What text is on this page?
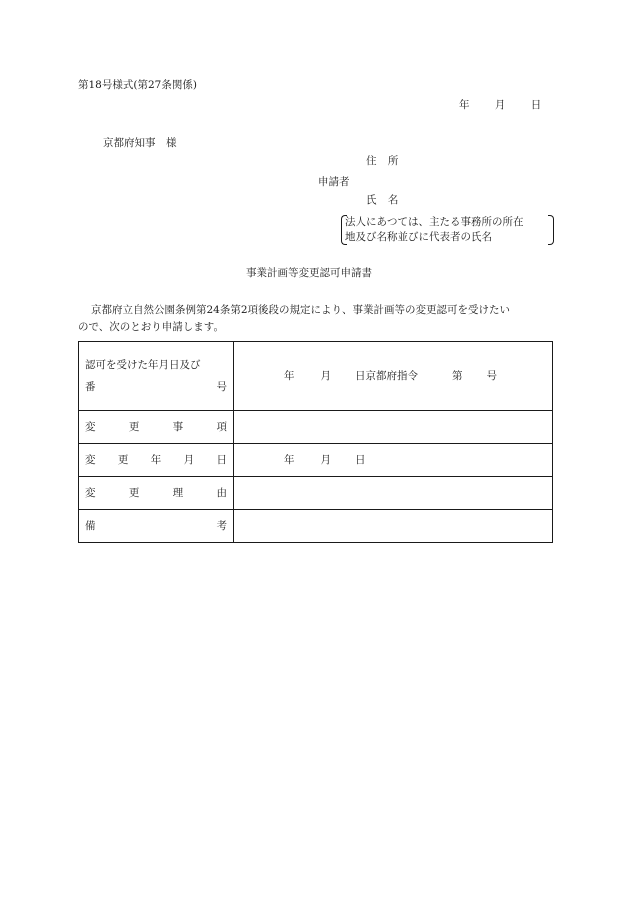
第18号様式(第27条関係)
年 月 日
京都府知事　様
住 所
申請者
氏 名
法人にあつては、主たる事務所の所在
地及び名称並びに代表者の氏名
事業計画等変更認可申請書
京都府立自然公園条例第24条第2項後段の規定により、事業計画等の変更認可を受けたい
ので、次のとおり申請します。
認可を受けた年月日及び
番 号	年 月 日京都府指令 第 号

変 更 事 項	

変 更 年 月 日	年 月 日

変 更 理 由	

備 考	
